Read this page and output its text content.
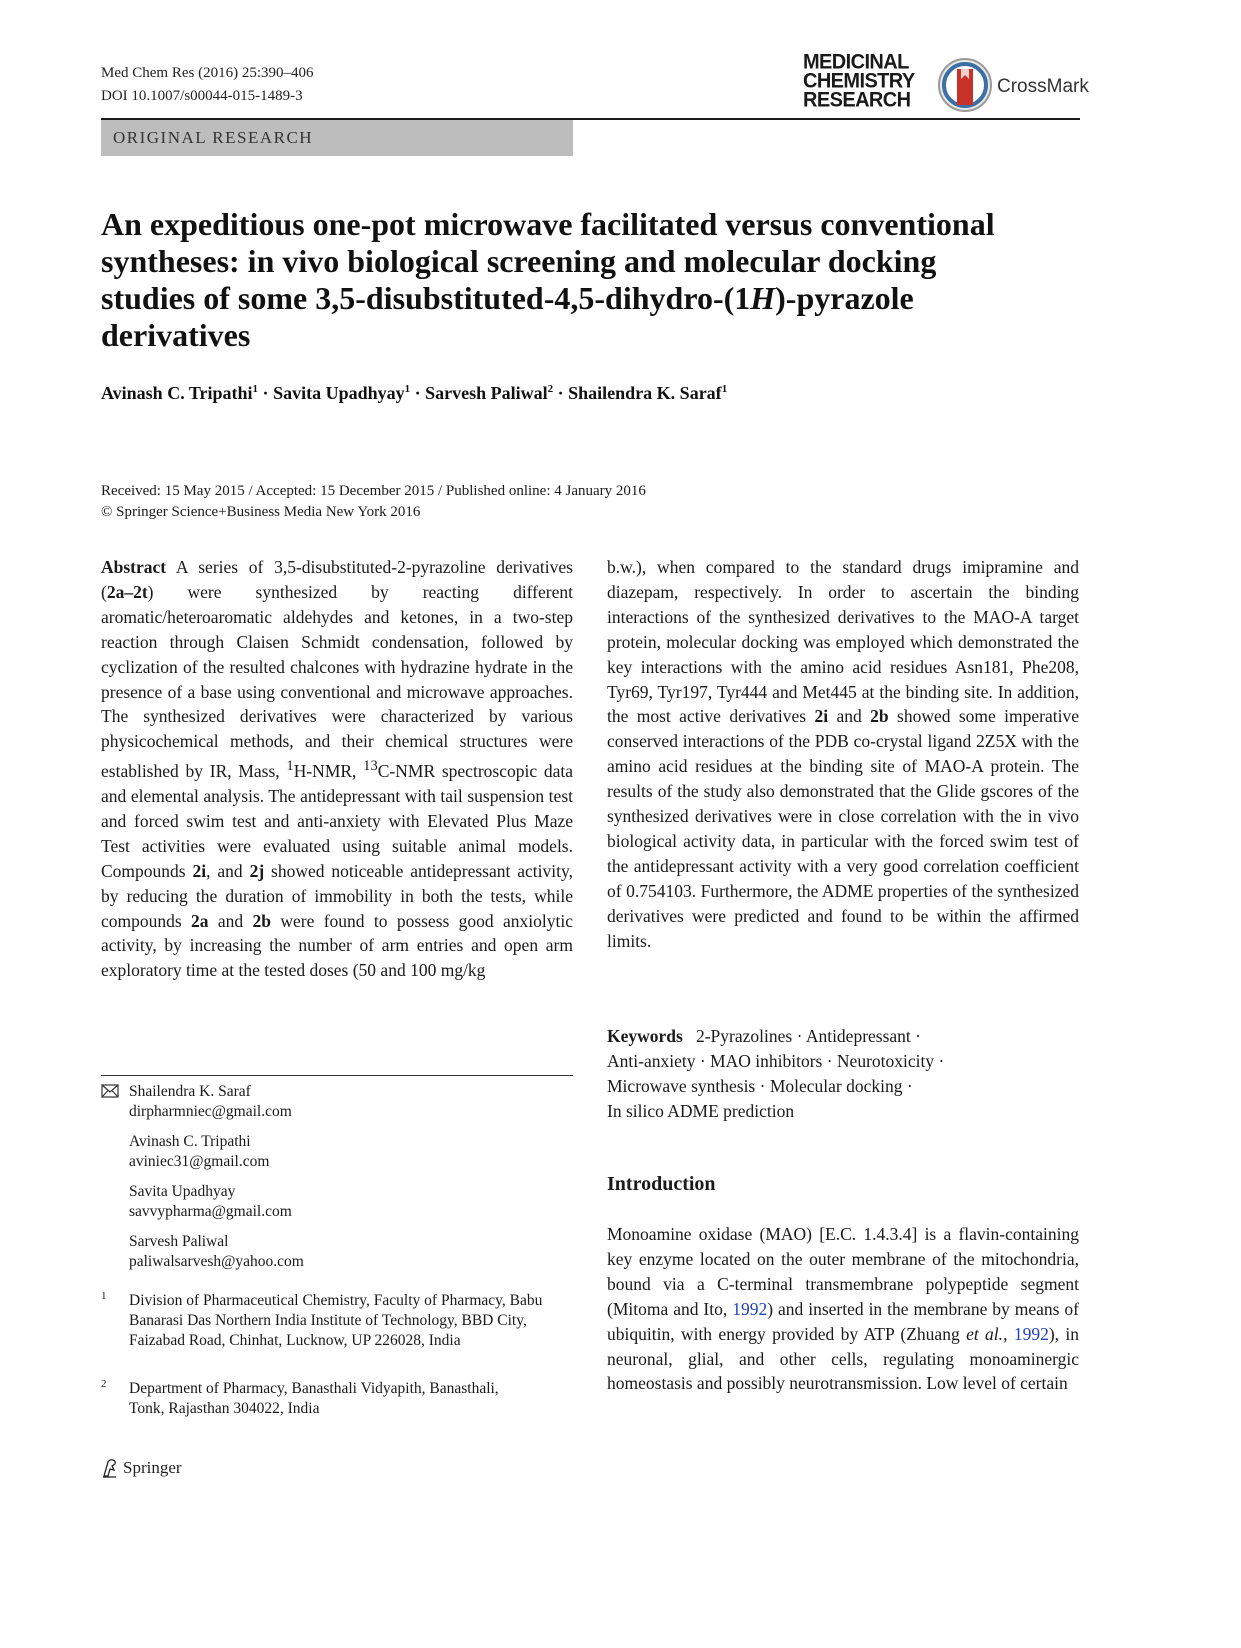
Med Chem Res (2016) 25:390–406
DOI 10.1007/s00044-015-1489-3
MEDICINAL
CHEMISTRY
RESEARCH
CrossMark
ORIGINAL RESEARCH

An expeditious one-pot microwave facilitated versus conventional

syntheses: in vivo biological screening and molecular docking

studies of some 3,5-disubstituted-4,5-dihydro-(1H)-pyrazole

derivatives

Avinash C. Tripathi$^1$ · Savita Upadhyay$^1$ · Sarvesh Paliwal$^2$ · Shailendra K. Saraf$^1$
Received: 15 May 2015 / Accepted: 15 December 2015 / Published online: 4 January 2016
© Springer Science+Business Media New York 2016

Abstract A series of 3,5-disubstituted-2-pyrazoline derivatives (2a–2t) were synthesized by reacting different aromatic/heteroaromatic aldehydes and ketones, in a two-step reaction through Claisen Schmidt condensation, followed by cyclization of the resulted chalcones with hydrazine hydrate in the presence of a base using conventional and microwave approaches. The synthesized derivatives were characterized by various physicochemical methods, and their chemical structures were established by IR, Mass, $^1$H-NMR, $^{13}$C-NMR spectroscopic data and elemental analysis. The antidepressant with tail suspension test and forced swim test and anti-anxiety with Elevated Plus Maze Test activities were evaluated using suitable animal models. Compounds 2i, and 2j showed noticeable antidepressant activity, by reducing the duration of immobility in both the tests, while compounds 2a and 2b were found to possess good anxiolytic activity, by increasing the number of arm entries and open arm exploratory time at the tested doses (50 and 100 mg/kg

b.w.), when compared to the standard drugs imipramine and diazepam, respectively. In order to ascertain the binding interactions of the synthesized derivatives to the MAO-A target protein, molecular docking was employed which demonstrated the key interactions with the amino acid residues Asn181, Phe208, Tyr69, Tyr197, Tyr444 and Met445 at the binding site. In addition, the most active derivatives 2i and 2b showed some imperative conserved interactions of the PDB co-crystal ligand 2Z5X with the amino acid residues at the binding site of MAO-A protein. The results of the study also demonstrated that the Glide gscores of the synthesized derivatives were in close correlation with the in vivo biological activity data, in particular with the forced swim test of the antidepressant activity with a very good correlation coefficient of 0.754103. Furthermore, the ADME properties of the synthesized derivatives were predicted and found to be within the affirmed limits.

Keywords 2-Pyrazolines · Antidepressant ·
Anti-anxiety · MAO inhibitors · Neurotoxicity ·
Microwave synthesis · Molecular docking ·
In silico ADME prediction
Shailendra K. Saraf
dirpharmniec@gmail.com
Avinash C. Tripathi
aviniec31@gmail.com
Savita Upadhyay
savvypharma@gmail.com
Sarvesh Paliwal
paliwalsarvesh@yahoo.com
1 Division of Pharmaceutical Chemistry, Faculty of Pharmacy, Babu Banarasi Das Northern India Institute of Technology, BBD City, Faizabad Road, Chinhat, Lucknow, UP 226028, India
2 Department of Pharmacy, Banasthali Vidyapith, Banasthali, Tonk, Rajasthan 304022, India
Introduction

Monoamine oxidase (MAO) [E.C. 1.4.3.4] is a flavin-containing key enzyme located on the outer membrane of the mitochondria, bound via a C-terminal transmembrane polypeptide segment (Mitoma and Ito, 1992) and inserted in the membrane by means of ubiquitin, with energy provided by ATP (Zhuang et al., 1992), in neuronal, glial, and other cells, regulating monoaminergic homeostasis and possibly neurotransmission. Low level of certain

Springer
